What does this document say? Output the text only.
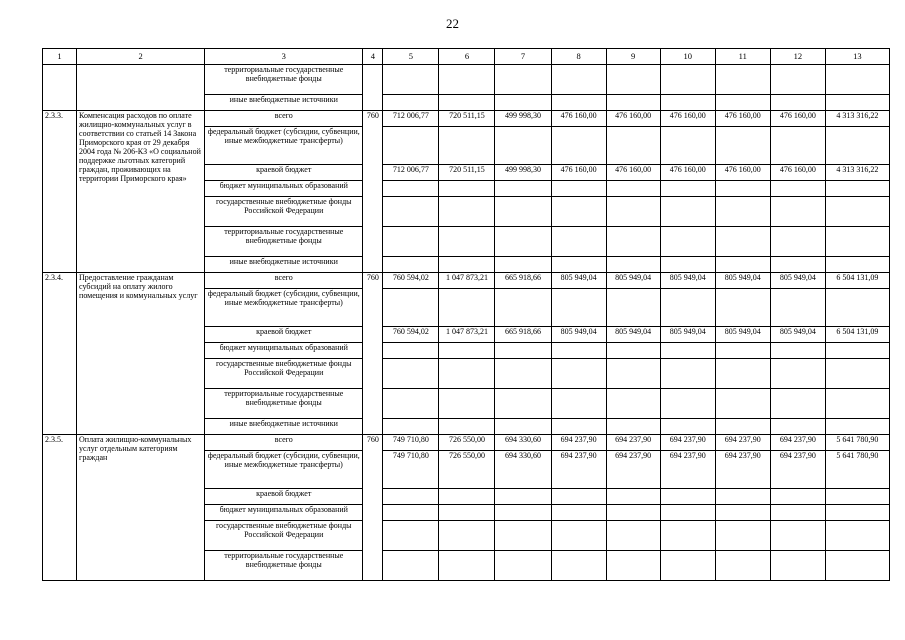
22
1	2	3	4	5	6	7	8	9	10	11	12	13
		территориальные государственные внебюджетные фонды										
		иные внебюджетные источники										
2.3.3.	Компенсация расходов по оплате жилищно-коммунальных услуг в соответствии со статьей 14 Закона Приморского края от 29 декабря 2004 года № 206-КЗ «О социальной поддержке льготных категорий граждан, проживающих на территории Приморского края»	всего	760	712 006,77	720 511,15	499 998,30	476 160,00	476 160,00	476 160,00	476 160,00	476 160,00	4 313 316,22
		федеральный бюджет (субсидии, субвенции, иные межбюджетные трансферты)										
		краевой бюджет		712 006,77	720 511,15	499 998,30	476 160,00	476 160,00	476 160,00	476 160,00	476 160,00	4 313 316,22
		бюджет муниципальных образований										
		государственные внебюджетные фонды Российской Федерации										
		территориальные государственные внебюджетные фонды										
		иные внебюджетные источники										
2.3.4.	Предоставление гражданам субсидий на оплату жилого помещения и коммунальных услуг	всего	760	760 594,02	1 047 873,21	665 918,66	805 949,04	805 949,04	805 949,04	805 949,04	805 949,04	6 504 131,09
		федеральный бюджет (субсидии, субвенции, иные межбюджетные трансферты)										
		краевой бюджет		760 594,02	1 047 873,21	665 918,66	805 949,04	805 949,04	805 949,04	805 949,04	805 949,04	6 504 131,09
		бюджет муниципальных образований										
		государственные внебюджетные фонды Российской Федерации										
		территориальные государственные внебюджетные фонды										
		иные внебюджетные источники										
2.3.5.	Оплата жилищно-коммунальных услуг отдельным категориям граждан	всего	760	749 710,80	726 550,00	694 330,60	694 237,90	694 237,90	694 237,90	694 237,90	694 237,90	5 641 780,90
		федеральный бюджет (субсидии, субвенции, иные межбюджетные трансферты)		749 710,80	726 550,00	694 330,60	694 237,90	694 237,90	694 237,90	694 237,90	694 237,90	5 641 780,90
		краевой бюджет										
		бюджет муниципальных образований										
		государственные внебюджетные фонды Российской Федерации										
		территориальные государственные внебюджетные фонды										
